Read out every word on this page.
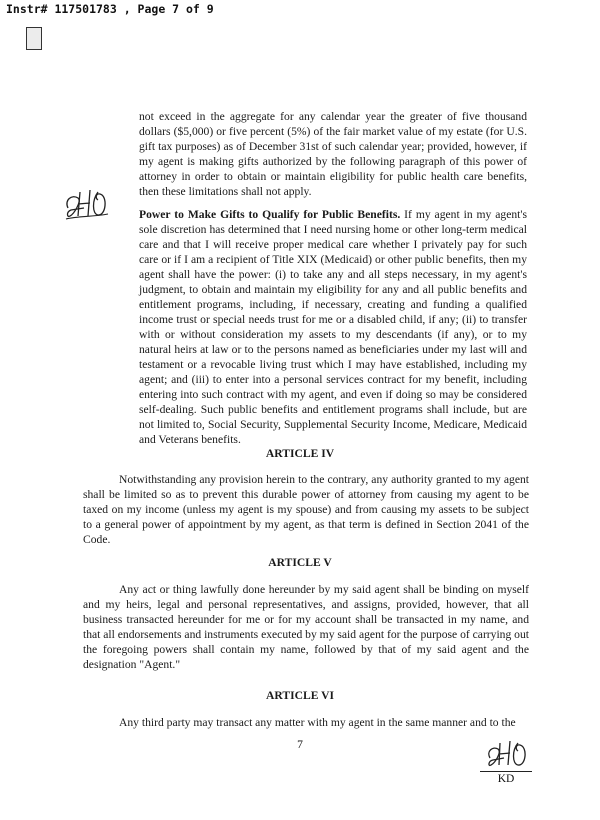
Instr# 117501783 , Page 7 of 9

not exceed in the aggregate for any calendar year the greater of five thousand dollars ($5,000) or five percent (5%) of the fair market value of my estate (for U.S. gift tax purposes) as of December 31st of such calendar year; provided, however, if my agent is making gifts authorized by the following paragraph of this power of attorney in order to obtain or maintain eligibility for public health care benefits, then these limitations shall not apply.

Power to Make Gifts to Qualify for Public Benefits. If my agent in my agent's sole discretion has determined that I need nursing home or other long-term medical care and that I will receive proper medical care whether I privately pay for such care or if I am a recipient of Title XIX (Medicaid) or other public benefits, then my agent shall have the power: (i) to take any and all steps necessary, in my agent's judgment, to obtain and maintain my eligibility for any and all public benefits and entitlement programs, including, if necessary, creating and funding a qualified income trust or special needs trust for me or a disabled child, if any; (ii) to transfer with or without consideration my assets to my descendants (if any), or to my natural heirs at law or to the persons named as beneficiaries under my last will and testament or a revocable living trust which I may have established, including my agent; and (iii) to enter into a personal services contract for my benefit, including entering into such contract with my agent, and even if doing so may be considered self-dealing. Such public benefits and entitlement programs shall include, but are not limited to, Social Security, Supplemental Security Income, Medicare, Medicaid and Veterans benefits.

ARTICLE IV

Notwithstanding any provision herein to the contrary, any authority granted to my agent shall be limited so as to prevent this durable power of attorney from causing my agent to be taxed on my income (unless my agent is my spouse) and from causing my assets to be subject to a general power of appointment by my agent, as that term is defined in Section 2041 of the Code.

ARTICLE V

Any act or thing lawfully done hereunder by my said agent shall be binding on myself and my heirs, legal and personal representatives, and assigns, provided, however, that all business transacted hereunder for me or for my account shall be transacted in my name, and that all endorsements and instruments executed by my said agent for the purpose of carrying out the foregoing powers shall contain my name, followed by that of my said agent and the designation "Agent."

ARTICLE VI

Any third party may transact any matter with my agent in the same manner and to the

7
KD
